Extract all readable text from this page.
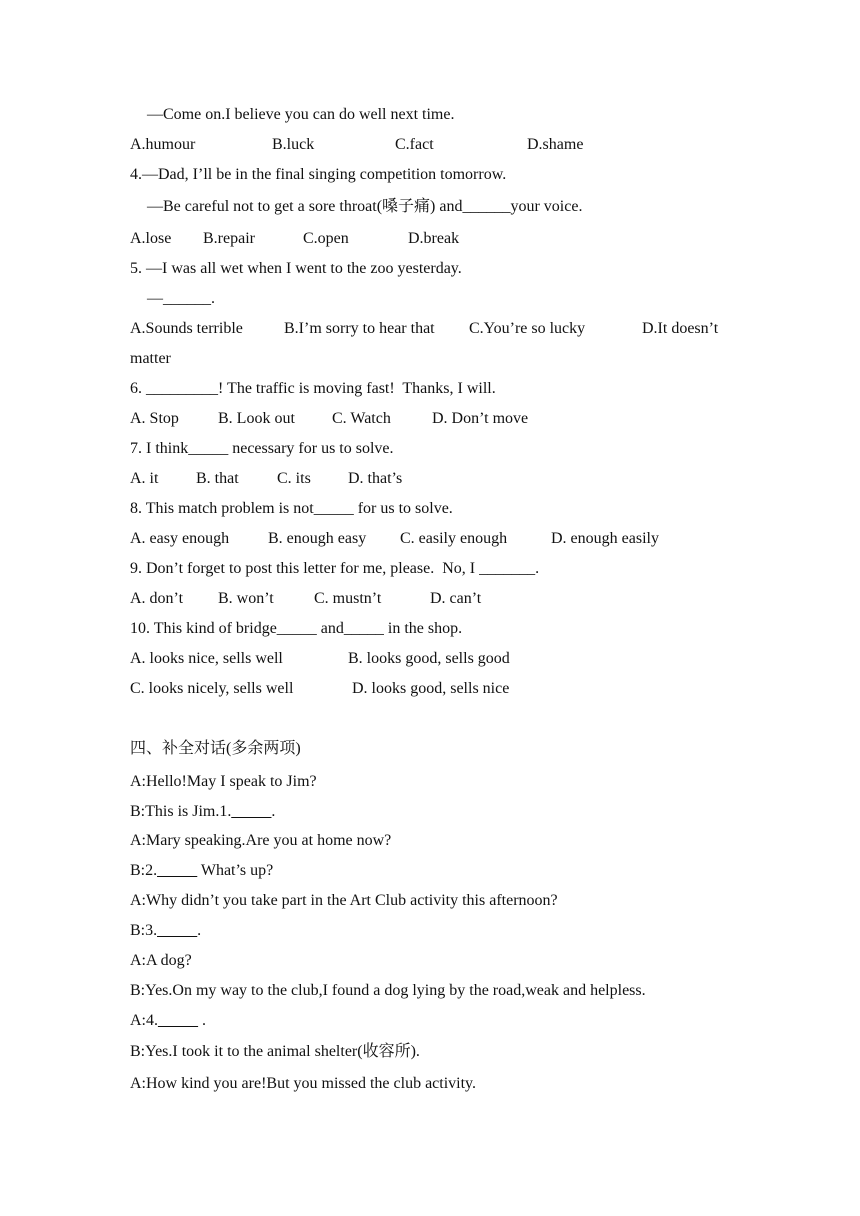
—Come on.I believe you can do well next time.
A.humour	B.luck	C.fact	D.shame
4.—Dad, I’ll be in the final singing competition tomorrow.
—Be careful not to get a sore throat(嗓子痛) and______your voice.
A.lose B.repair	C.open	D.break
5. —I was all wet when I went to the zoo yesterday.
—______.
A.Sounds terrible	B.I’m sorry to hear that C.You’re so lucky	D.It doesn’t
matter
6. _________! The traffic is moving fast!  Thanks, I will.
A. Stop B. Look out C. Watch	D. Don’t move
7. I think_____ necessary for us to solve.
A. it B. that C. its D. that’s
8. This match problem is not_____ for us to solve.
A. easy enough B. enough easy C. easily enough	D. enough easily
9. Don’t forget to post this letter for me, please.  No, I _______.
A. don’t B. won’t	C. mustn’t	D. can’t
10. This kind of bridge_____ and_____ in the shop.
A. looks nice, sells well	B. looks good, sells good
C. looks nicely, sells well	D. looks good, sells nice
四、补全对话(多余两项)
A:Hello!May I speak to Jim?
B:This is Jim.1._____.
A:Mary speaking.Are you at home now?
B:2._____ What’s up?
A:Why didn’t you take part in the Art Club activity this afternoon?
B:3._____.
A:A dog?
B:Yes.On my way to the club,I found a dog lying by the road,weak and helpless.
A:4._____ .
B:Yes.I took it to the animal shelter(收容所).
A:How kind you are!But you missed the club activity.
